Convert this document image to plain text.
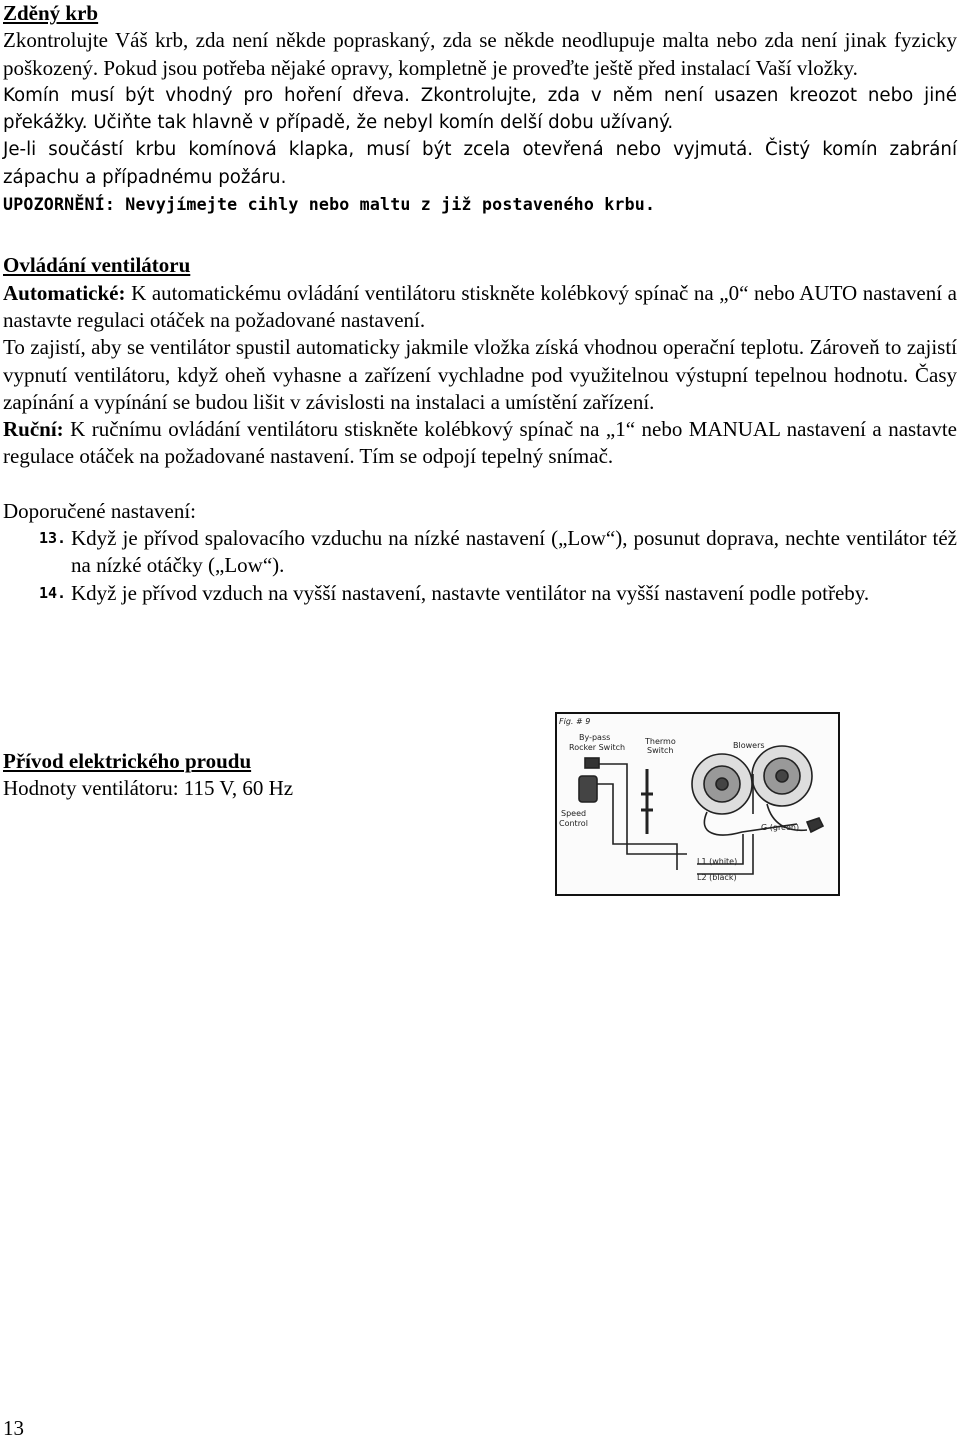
Zděný krb

Zkontrolujte Váš krb, zda není někde popraskaný, zda se někde neodlupuje malta nebo zda není jinak fyzicky poškozený. Pokud jsou potřeba nějaké opravy, kompletně je proveďte ještě před instalací Vaší vložky.

Komín musí být vhodný pro hoření dřeva. Zkontrolujte, zda v něm není usazen kreozot nebo jiné překážky. Učiňte tak hlavně v případě, že nebyl komín delší dobu užívaný.

Je-li součástí krbu komínová klapka, musí být zcela otevřená nebo vyjmutá. Čistý komín zabrání zápachu a případnému požáru.

UPOZORNĚNÍ: Nevyjímejte cihly nebo maltu z již postaveného krbu.

Ovládání ventilátoru

Automatické: K automatickému ovládání ventilátoru stiskněte kolébkový spínač na „0“ nebo AUTO nastavení a nastavte regulaci otáček na požadované nastavení.

To zajistí, aby se ventilátor spustil automaticky jakmile vložka získá vhodnou operační teplotu. Zároveň to zajistí vypnutí ventilátoru, když oheň vyhasne a zařízení vychladne pod využitelnou výstupní tepelnou hodnotu. Časy zapínání a vypínání se budou lišit v závislosti na instalaci a umístění zařízení.

Ruční: K ručnímu ovládání ventilátoru stiskněte kolébkový spínač na „1“ nebo MANUAL nastavení a nastavte regulace otáček na požadované nastavení. Tím se odpojí tepelný snímač.

Doporučené nastavení:

13. Když je přívod spalovacího vzduchu na nízké nastavení („Low“), posunut doprava, nechte ventilátor též na nízké otáčky („Low“).
14. Když je přívod vzduch na vyšší nastavení, nastavte ventilátor na vyšší nastavení podle potřeby.
Přívod elektrického proudu

Hodnoty ventilátoru: 115 V, 60 Hz

Fig. # 9
By-pass
Rocker Switch
Thermo
Switch
Blowers
Speed
Control	G (green)
L1 (white)
L2 (black)
13
